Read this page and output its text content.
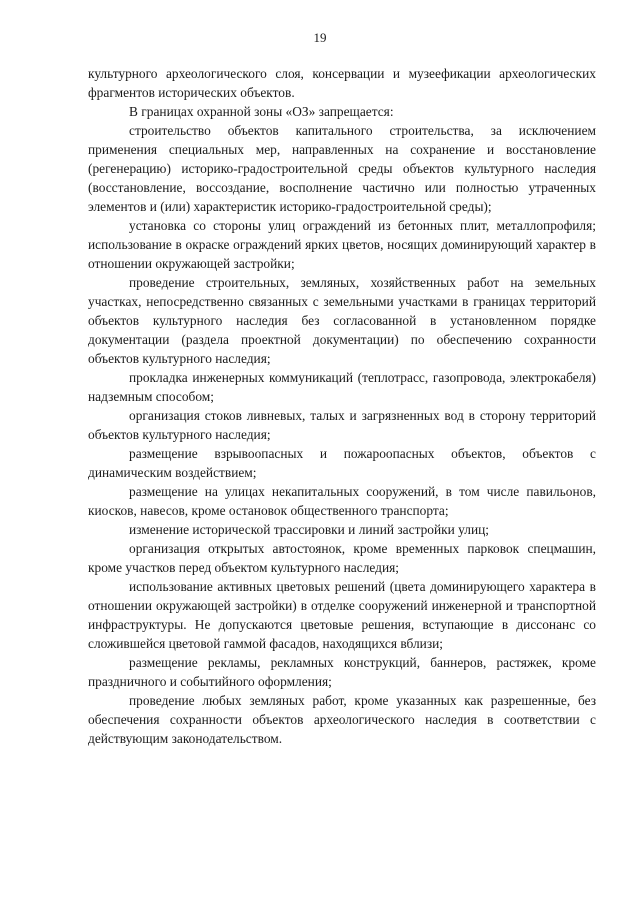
19

культурного археологического слоя, консервации и музеефикации археологических фрагментов исторических объектов.

В границах охранной зоны «ОЗ» запрещается:

строительство объектов капитального строительства, за исключением применения специальных мер, направленных на сохранение и восстановление (регенерацию) историко-градостроительной среды объектов культурного наследия (восстановление, воссоздание, восполнение частично или полностью утраченных элементов и (или) характеристик историко-градостроительной среды);

установка со стороны улиц ограждений из бетонных плит, металлопрофиля; использование в окраске ограждений ярких цветов, носящих доминирующий характер в отношении окружающей застройки;

проведение строительных, земляных, хозяйственных работ на земельных участках, непосредственно связанных с земельными участками в границах территорий объектов культурного наследия без согласованной в установленном порядке документации (раздела проектной документации) по обеспечению сохранности объектов культурного наследия;

прокладка инженерных коммуникаций (теплотрасс, газопровода, электрокабеля) надземным способом;

организация стоков ливневых, талых и загрязненных вод в сторону территорий объектов культурного наследия;

размещение взрывоопасных и пожароопасных объектов, объектов с динамическим воздействием;

размещение на улицах некапитальных сооружений, в том числе павильонов, киосков, навесов, кроме остановок общественного транспорта;

изменение исторической трассировки и линий застройки улиц;

организация открытых автостоянок, кроме временных парковок спецмашин, кроме участков перед объектом культурного наследия;

использование активных цветовых решений (цвета доминирующего характера в отношении окружающей застройки) в отделке сооружений инженерной и транспортной инфраструктуры. Не допускаются цветовые решения, вступающие в диссонанс со сложившейся цветовой гаммой фасадов, находящихся вблизи;

размещение рекламы, рекламных конструкций, баннеров, растяжек, кроме праздничного и событийного оформления;

проведение любых земляных работ, кроме указанных как разрешенные, без обеспечения сохранности объектов археологического наследия в соответствии с действующим законодательством.
